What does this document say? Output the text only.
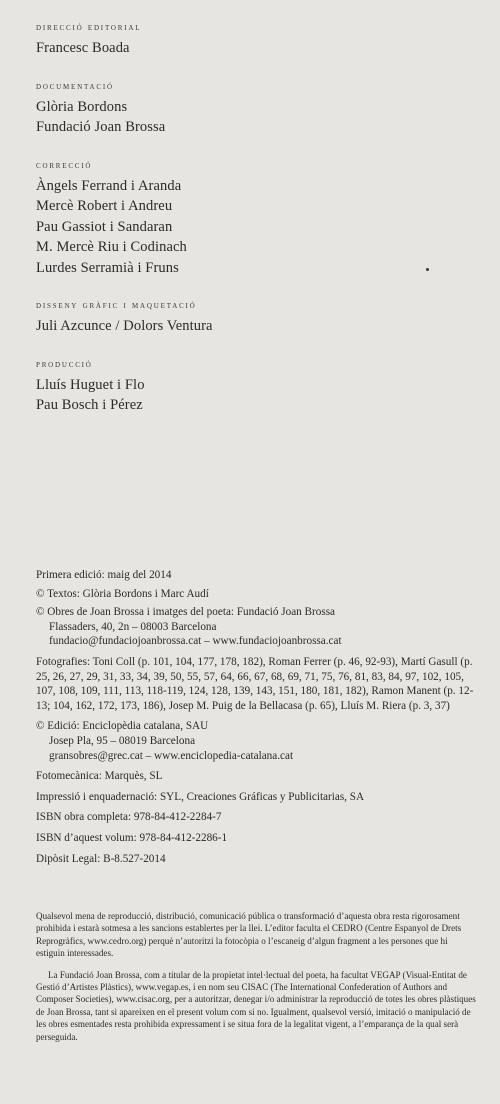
direcció editorial
Francesc Boada
documentació
Glòria Bordons
Fundació Joan Brossa
correcció
Àngels Ferrand i Aranda
Mercè Robert i Andreu
Pau Gassiot i Sandaran
M. Mercè Riu i Codinach
Lurdes Serramià i Fruns
disseny gràfic i maquetació
Juli Azcunce / Dolors Ventura
producció
Lluís Huguet i Flo
Pau Bosch i Pérez
Primera edició: maig del 2014
© Textos: Glòria Bordons i Marc Audí
© Obres de Joan Brossa i imatges del poeta: Fundació Joan Brossa
Flassaders, 40, 2n – 08003 Barcelona
fundacio@fundaciojoanbrossa.cat – www.fundaciojoanbrossa.cat
Fotografies: Toni Coll (p. 101, 104, 177, 178, 182), Roman Ferrer (p. 46, 92-93), Martí Gasull (p. 25, 26, 27, 29, 31, 33, 34, 39, 50, 55, 57, 64, 66, 67, 68, 69, 71, 75, 76, 81, 83, 84, 97, 102, 105, 107, 108, 109, 111, 113, 118-119, 124, 128, 139, 143, 151, 180, 181, 182), Ramon Manent (p. 12-13; 104, 162, 172, 173, 186), Josep M. Puig de la Bellacasa (p. 65), Lluís M. Riera (p. 3, 37)
© Edició: Enciclopèdia catalana, SAU
Josep Pla, 95 – 08019 Barcelona
gransobres@grec.cat – www.enciclopedia-catalana.cat
Fotomecànica: Marquès, SL
Impressió i enquadernació: SYL, Creaciones Gráficas y Publicitarias, SA
ISBN obra completa: 978-84-412-2284-7
ISBN d’aquest volum: 978-84-412-2286-1
Dipòsit Legal: B-8.527-2014

Qualsevol mena de reproducció, distribució, comunicació pública o transformació d’aquesta obra resta rigorosament prohibida i estarà sotmesa a les sancions establertes per la llei. L’editor faculta el CEDRO (Centre Espanyol de Drets Reprogràfics, www.cedro.org) perquè n’autoritzi la fotocòpia o l’escaneig d’algun fragment a les persones que hi estiguin interessades.

La Fundació Joan Brossa, com a titular de la propietat intel·lectual del poeta, ha facultat VEGAP (Visual-Entitat de Gestió d’Artistes Plàstics), www.vegap.es, i en nom seu CISAC (The International Confederation of Authors and Composer Societies), www.cisac.org, per a autoritzar, denegar i/o administrar la reproducció de totes les obres plàstiques de Joan Brossa, tant si apareixen en el present volum com si no. Igualment, qualsevol versió, imitació o manipulació de les obres esmentades resta prohibida expressament i se situa fora de la legalitat vigent, a l’emparança de la qual serà perseguida.
